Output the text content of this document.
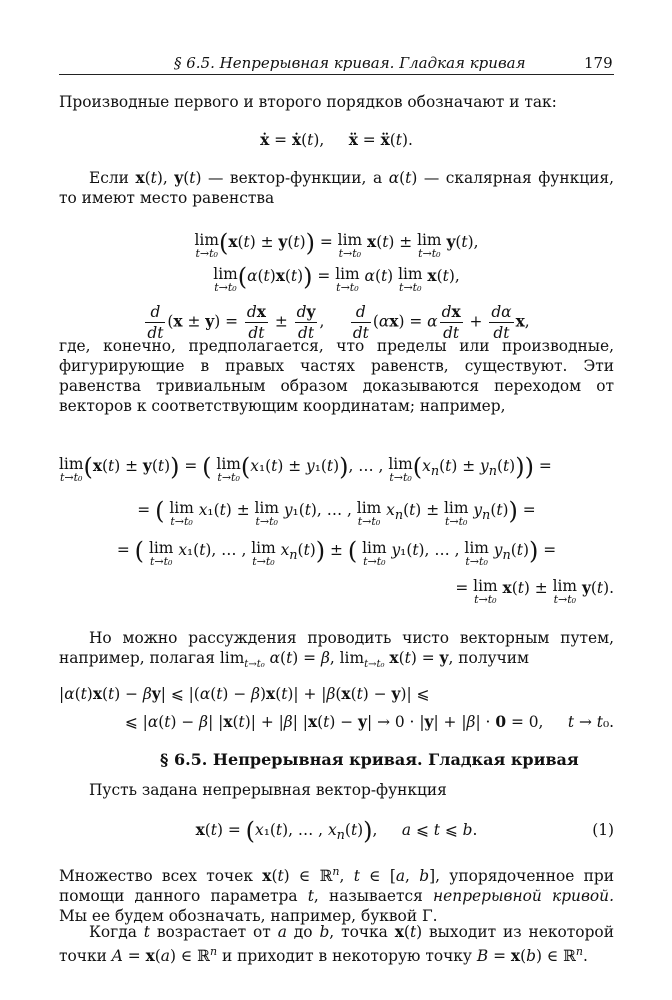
§ 6.5. Непрерывная кривая. Гладкая кривая	179
Производные первого и второго порядков обозначают и так:
ẋ = ẋ(t),     ẍ = ẍ(t).
Если x(t), y(t) — вектор-функции, а α(t) — скалярная функция, то имеют место равенства
lim
t→t₀ (x(t) ± y(t)) = lim
t→t₀
x(t) ± lim
t→t₀
y(t),
lim
t→t₀ (α(t)x(t)) = lim
t→t₀
α(t) lim
t→t₀
x(t),
$\frac{d}{dt} (x \pm y) = \frac{dx}{dt} \pm \frac{dy}{dt}$ , $\frac{d}{dt} (\alpha x) = \alpha \frac{dx}{dt} + \frac{d\alpha}{dt} x$,
где, конечно, предполагается, что пределы или производные, фигурирующие в правых частях равенств, существуют. Эти равенства тривиальным образом доказываются переходом от векторов к соответствующим координатам; например,
lim
t→t₀ (x(t) ± y(t)) = ( lim
t→t₀ (x₁(t) ± y₁(t)), … , lim
t→t₀ $(x_n(t) \pm y_n(t))$) =
= ( lim
t→t₀
x₁(t) ± lim
t→t₀
y₁(t), … , lim
t→t₀
$x_n(t) \pm \lim$
t→t₀
$y_n(t)$) =
= ( lim
t→t₀
x₁(t), … , lim
t→t₀
$x_n(t)$) ± ( lim
t→t₀
y₁(t), … , lim
t→t₀
$y_n(t)$) =
= lim
t→t₀
x(t) ± lim
t→t₀
y(t).
Но можно рассуждения проводить чисто векторным путем, например, полагая $\lim_{t\to t_0} \alpha(t) = \beta$, $\lim_{t\to t_0} x(t) = y$, получим
|α(t)x(t) − βy| ⩽ |(α(t) − β)x(t)| + |β(x(t) − y)| ⩽
⩽ |α(t) − β| |x(t)| + |β| |x(t) − y| → 0 · |y| + |β| · 0 = 0,     t → t₀.
§ 6.5. Непрерывная кривая. Гладкая кривая
Пусть задана непрерывная вектор-функция
x(t) = (x₁(t), … , $x_n(t)$),     a ⩽ t ⩽ b.	(1)
Множество всех точек x(t) ∈ ℝ$^n$, t ∈ [a, b], упорядоченное при помощи данного параметра t, называется непрерывной кривой. Мы ее будем обозначать, например, буквой Γ.
Когда t возрастает от a до b, точка x(t) выходит из некоторой точки A = x(a) ∈ ℝ$^n$ и приходит в некоторую точку B = x(b) ∈ ℝ$^n$.
